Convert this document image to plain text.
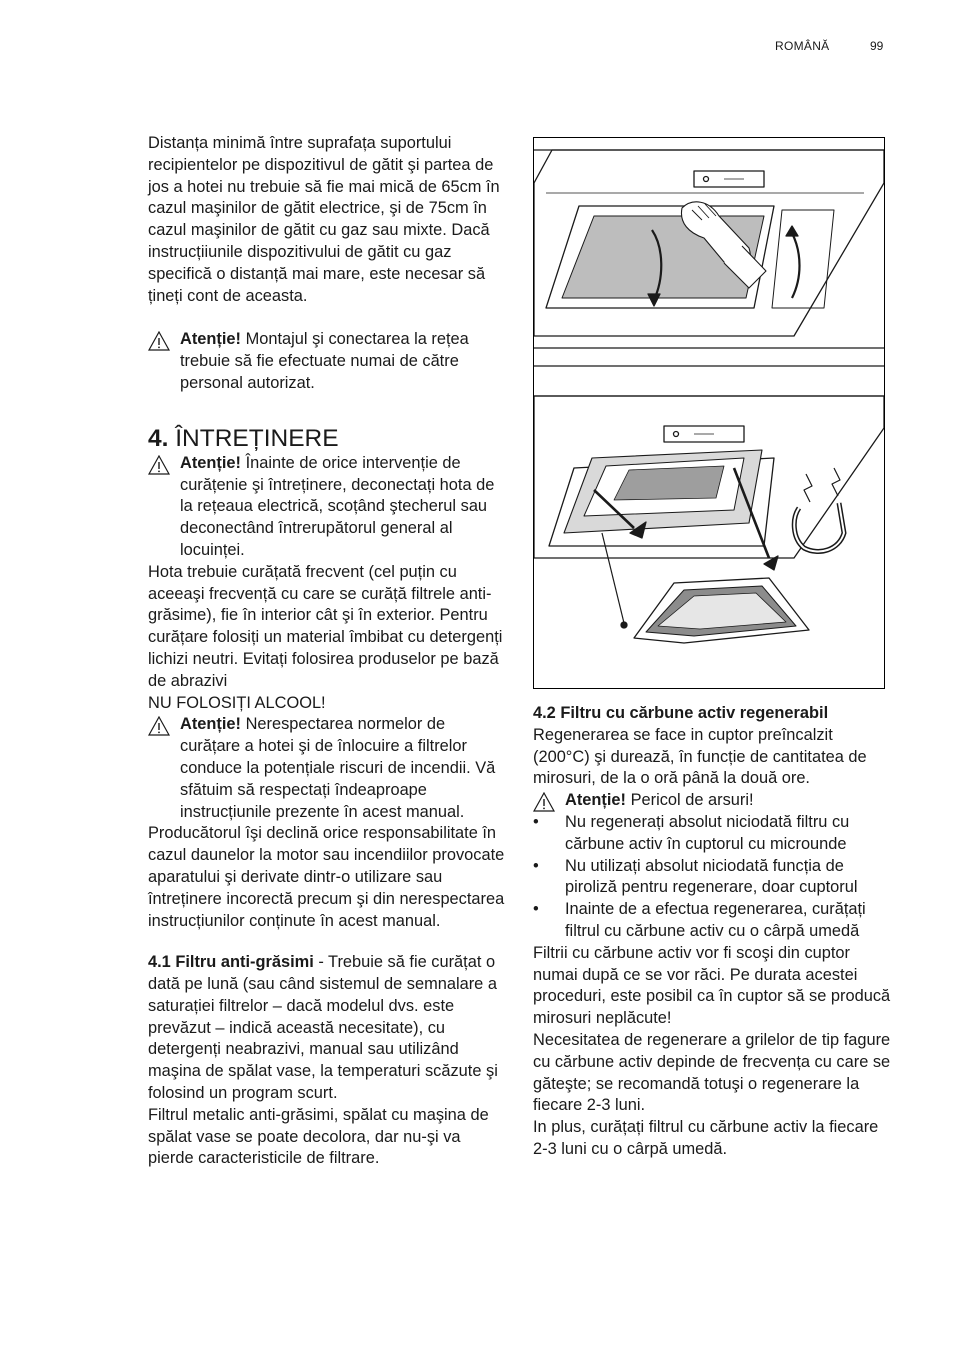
ROMÂNĂ	99

Distanța minimă între suprafața suportului recipientelor pe dispozitivul de gătit şi partea de jos a hotei nu trebuie să fie mai mică de 65cm în cazul maşinilor de gătit electrice, şi de 75cm în cazul maşinilor de gătit cu gaz sau mixte. Dacă instrucțiiunile dispozitivului de gătit cu gaz specifică o distanță mai mare, este necesar să țineți cont de aceasta.

Atenție! Montajul şi conectarea la rețea trebuie să fie efectuate numai de către personal autorizat.
4. ÎNTREȚINERE
Atenție! Înainte de orice intervenție de curățenie şi întreținere, deconectați hota de la rețeaua electrică, scoțând ştecherul sau deconectând întrerupătorul general al locuinței.

Hota trebuie curățată frecvent (cel puțin cu aceeaşi frecvență cu care se curăță filtrele anti-grăsime), fie în interior cât şi în exterior. Pentru curățare folosiți un material îmbibat cu detergenți lichizi neutri. Evitați folosirea produselor pe bază de abrazivi

NU FOLOSIȚI ALCOOL!

Atenție! Nerespectarea normelor de curățare a hotei şi de înlocuire a filtrelor conduce la potențiale riscuri de incendii. Vă sfătuim să respectați îndeaproape instrucțiunile prezente în acest manual.

Producătorul îşi declină orice responsabilitate în cazul daunelor la motor sau incendiilor provocate aparatului şi derivate dintr-o utilizare sau întreținere incorectă precum şi din nerespectarea instrucțiunilor conținute în acest manual.

4.1 Filtru anti-grăsimi - Trebuie să fie curățat o dată pe lună (sau când sistemul de semnalare a saturației filtrelor – dacă modelul dvs. este prevăzut – indică această necesitate), cu detergenți neabrazivi, manual sau utilizând maşina de spălat vase, la temperaturi scăzute şi folosind un program scurt.

Filtrul metalic anti-grăsimi, spălat cu maşina de spălat vase se poate decolora, dar nu-şi va pierde caracteristicile de filtrare.

4.2 Filtru cu cărbune activ regenerabil

Regenerarea se face in cuptor preîncalzit (200°C) şi durează, în funcție de cantitatea de mirosuri, de la o oră până la două ore.

Atenție! Pericol de arsuri!
•	Nu regenerați absolut niciodată filtru cu cărbune activ în cuptorul cu microunde
•	Nu utilizați absolut niciodată funcția de piroliză pentru regenerare, doar cuptorul
•	Inainte de a efectua regenerarea, curățați filtrul cu cărbune activ cu o cârpă umedă

Filtrii cu cărbune activ vor fi scoşi din cuptor numai după ce se vor răci. Pe durata acestei proceduri, este posibil ca în cuptor să se producă mirosuri neplăcute!

Necesitatea de regenerare a grilelor de tip fagure cu cărbune activ depinde de frecvența cu care se găteşte; se recomandă totuşi o regenerare la fiecare 2-3 luni.

In plus, curățați filtrul cu cărbune activ la fiecare 2-3 luni cu o cârpă umedă.
